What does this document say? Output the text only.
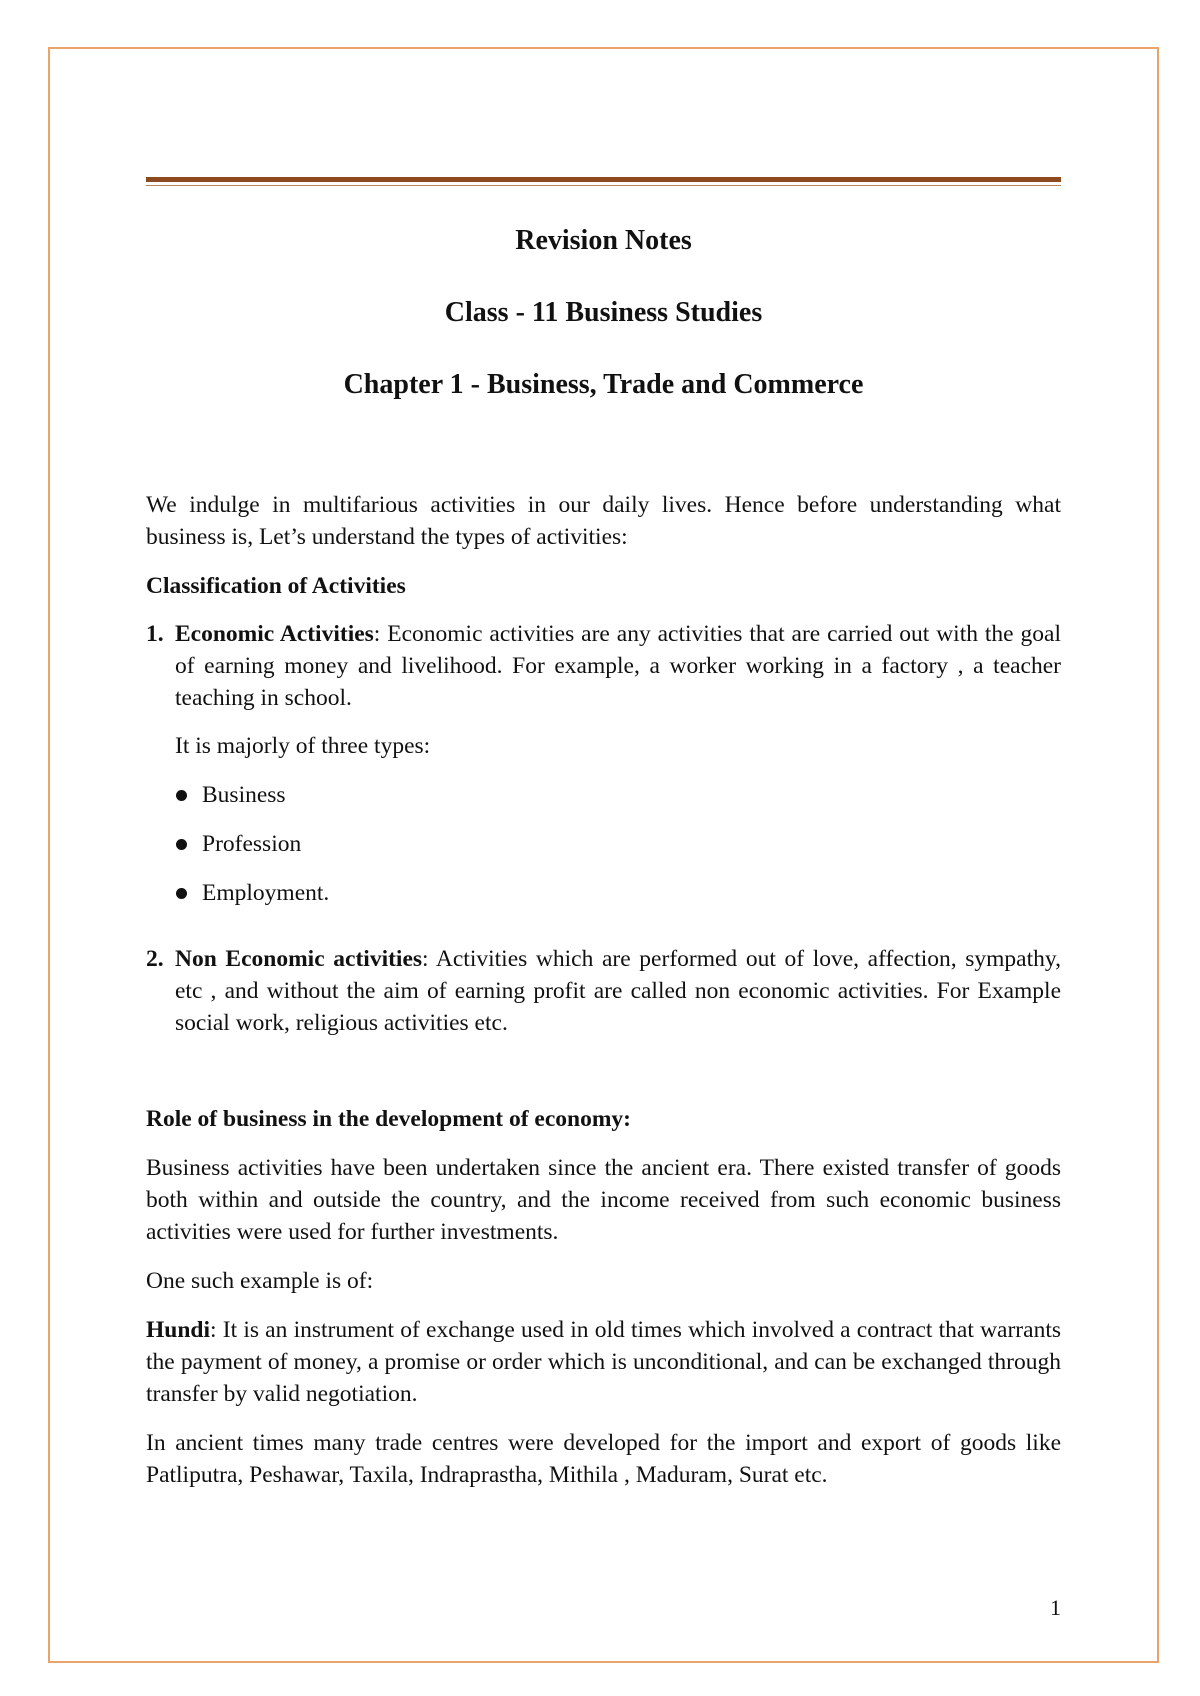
Revision Notes
Class - 11 Business Studies
Chapter 1 - Business, Trade and Commerce

We indulge in multifarious activities in our daily lives. Hence before understanding what business is, Let’s understand the types of activities:

Classification of Activities

1. Economic Activities: Economic activities are any activities that are carried out with the goal of earning money and livelihood. For example, a worker working in a factory , a teacher teaching in school.

It is majorly of three types:

Business
Profession
Employment.
2. Non Economic activities: Activities which are performed out of love, affection, sympathy, etc , and without the aim of earning profit are called non economic activities. For Example social work, religious activities etc.

Role of business in the development of economy:

Business activities have been undertaken since the ancient era. There existed transfer of goods both within and outside the country, and the income received from such economic business activities were used for further investments.

One such example is of:

Hundi: It is an instrument of exchange used in old times which involved a contract that warrants the payment of money, a promise or order which is unconditional, and can be exchanged through transfer by valid negotiation.

In ancient times many trade centres were developed for the import and export of goods like Patliputra, Peshawar, Taxila, Indraprastha, Mithila , Maduram, Surat etc.

1
